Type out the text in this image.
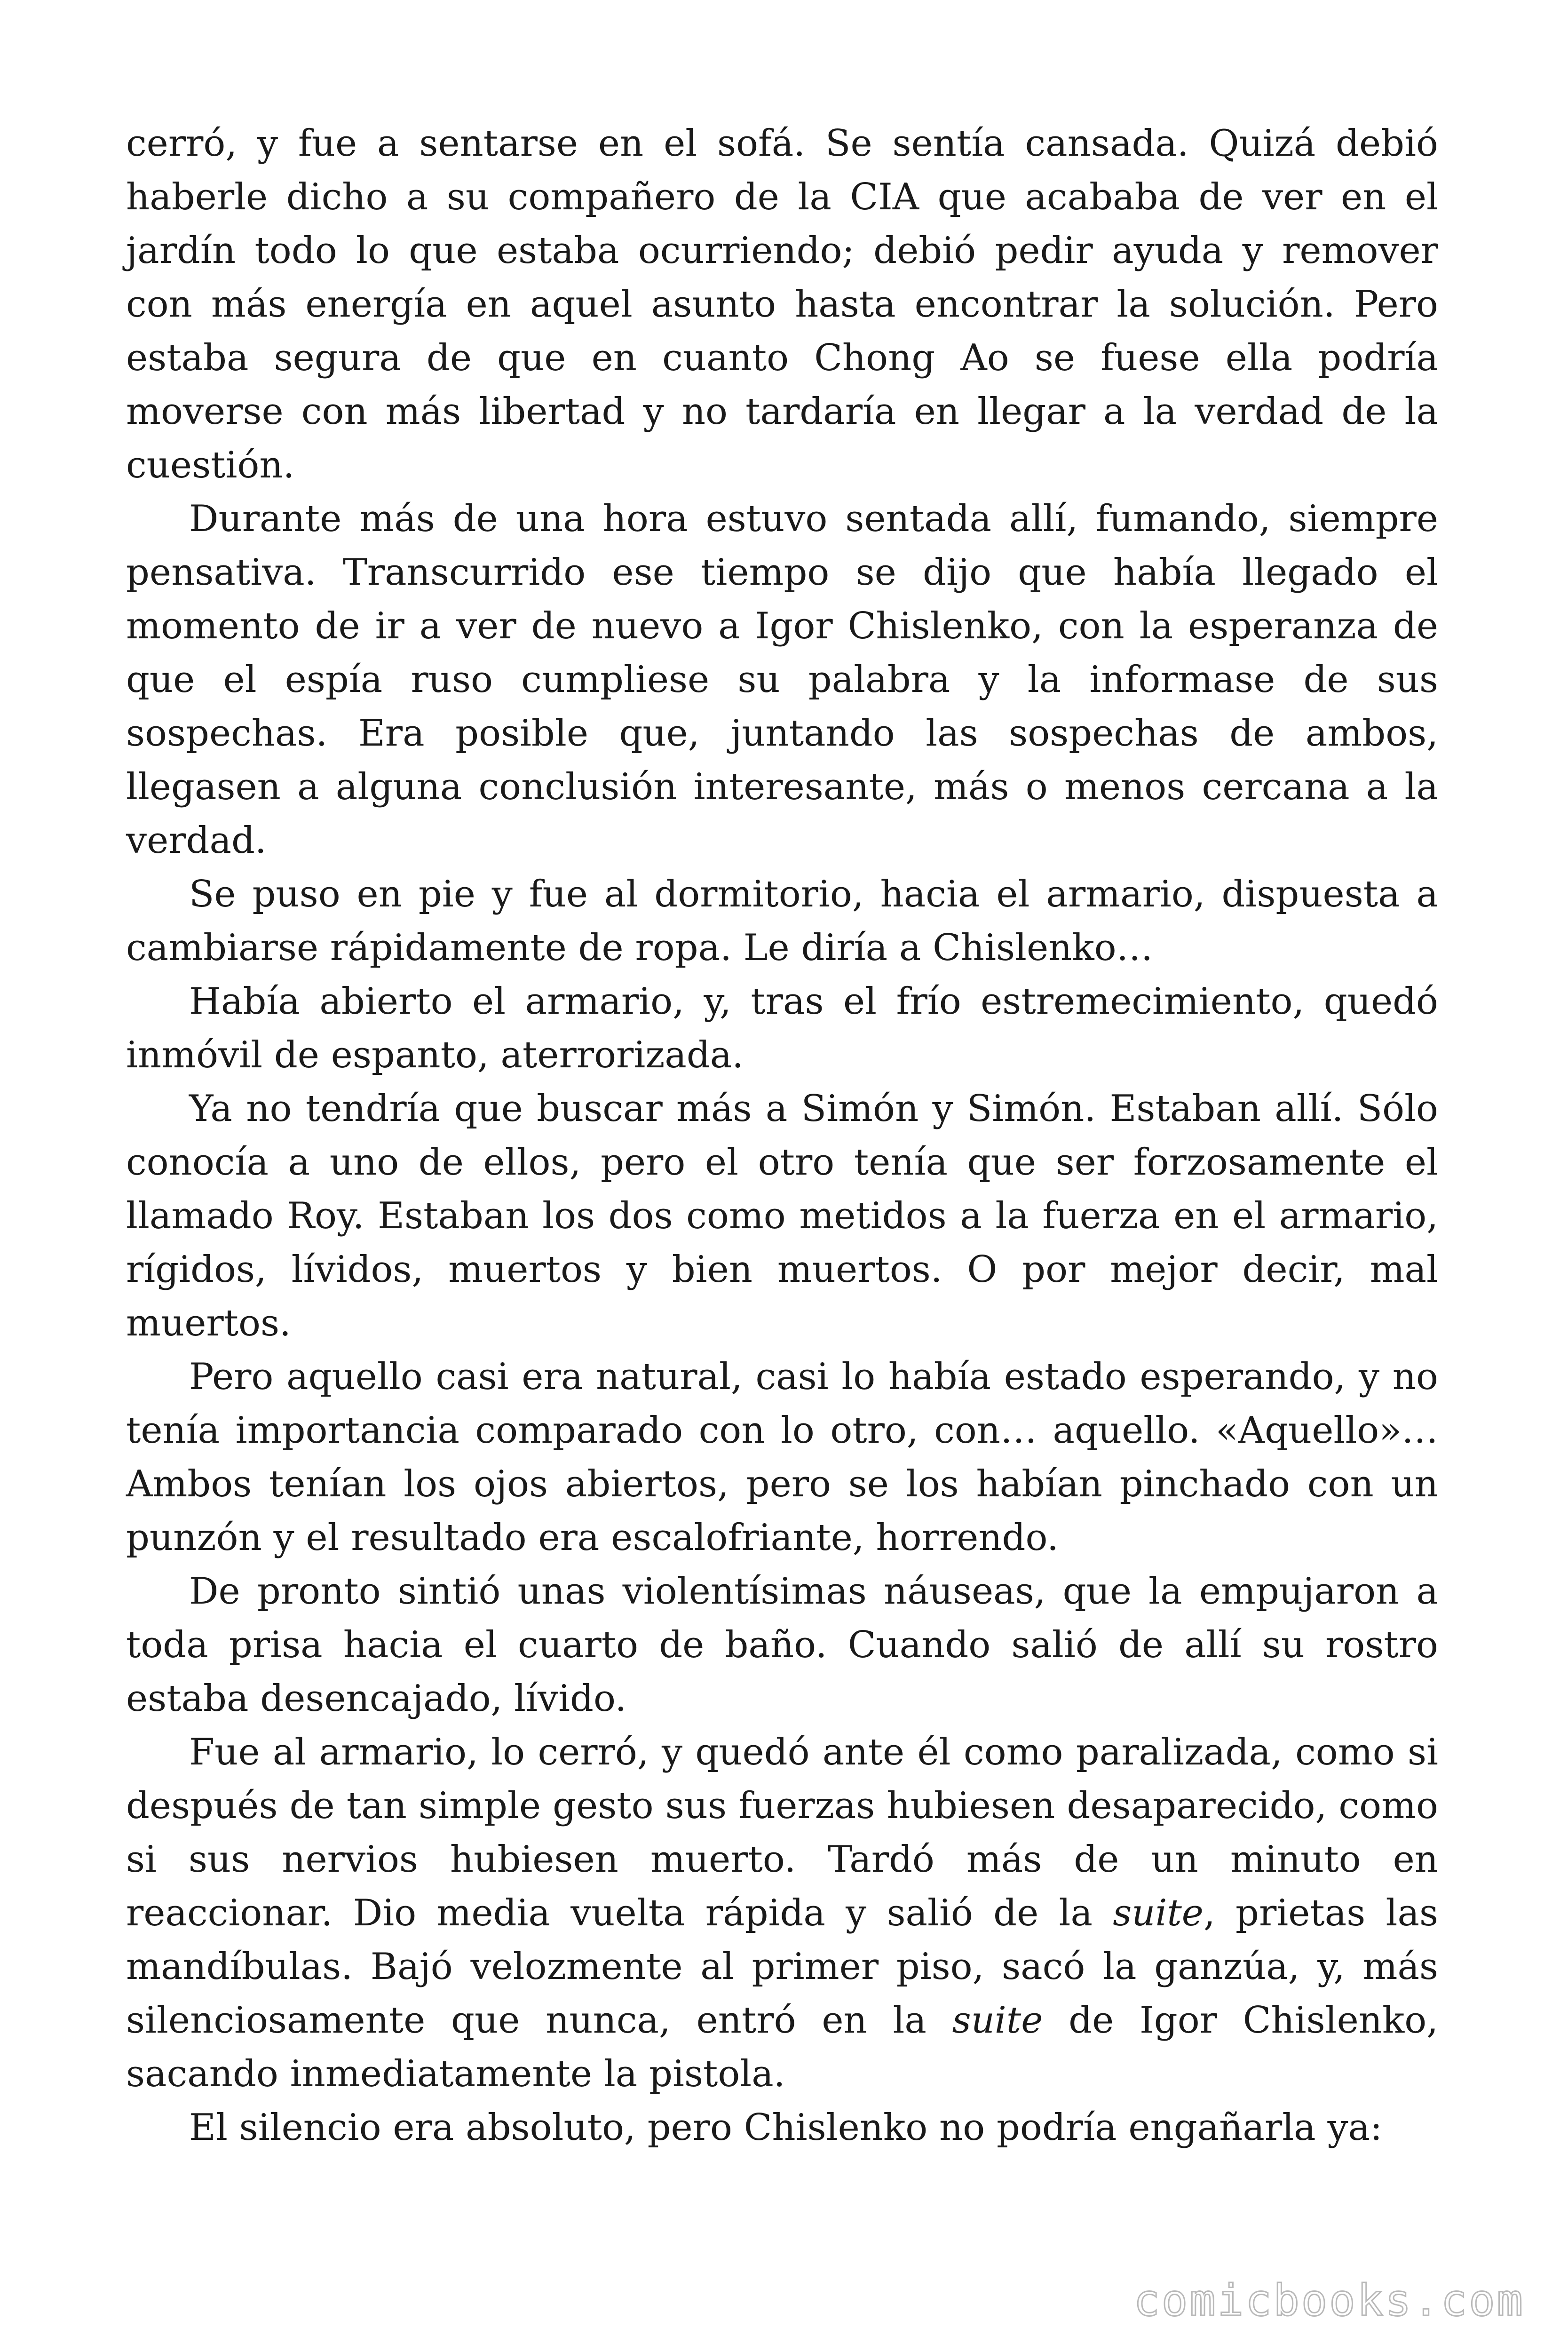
cerró, y fue a sentarse en el sofá. Se sentía cansada. Quizá debió haberle dicho a su compañero de la CIA que acababa de ver en el jardín todo lo que estaba ocurriendo; debió pedir ayuda y remover con más energía en aquel asunto hasta encontrar la solución. Pero estaba segura de que en cuanto Chong Ao se fuese ella podría moverse con más libertad y no tardaría en llegar a la verdad de la cuestión.

Durante más de una hora estuvo sentada allí, fumando, siempre pensativa. Transcurrido ese tiempo se dijo que había llegado el momento de ir a ver de nuevo a Igor Chislenko, con la esperanza de que el espía ruso cumpliese su palabra y la informase de sus sospechas. Era posible que, juntando las sospechas de ambos, llegasen a alguna conclusión interesante, más o menos cercana a la verdad.

Se puso en pie y fue al dormitorio, hacia el armario, dispuesta a cambiarse rápidamente de ropa. Le diría a Chislenko…

Había abierto el armario, y, tras el frío estremecimiento, quedó inmóvil de espanto, aterrorizada.

Ya no tendría que buscar más a Simón y Simón. Estaban allí. Sólo conocía a uno de ellos, pero el otro tenía que ser forzosamente el llamado Roy. Estaban los dos como metidos a la fuerza en el armario, rígidos, lívidos, muertos y bien muertos. O por mejor decir, mal muertos.

Pero aquello casi era natural, casi lo había estado esperando, y no tenía importancia comparado con lo otro, con… aquello. «Aquello»… Ambos tenían los ojos abiertos, pero se los habían pinchado con un punzón y el resultado era escalofriante, horrendo.

De pronto sintió unas violentísimas náuseas, que la empujaron a toda prisa hacia el cuarto de baño. Cuando salió de allí su rostro estaba desencajado, lívido.

Fue al armario, lo cerró, y quedó ante él como paralizada, como si después de tan simple gesto sus fuerzas hubiesen desaparecido, como si sus nervios hubiesen muerto. Tardó más de un minuto en reaccionar. Dio media vuelta rápida y salió de la suite, prietas las mandíbulas. Bajó velozmente al primer piso, sacó la ganzúa, y, más silenciosamente que nunca, entró en la suite de Igor Chislenko, sacando inmediatamente la pistola.

El silencio era absoluto, pero Chislenko no podría engañarla ya:

comicbooks.com
